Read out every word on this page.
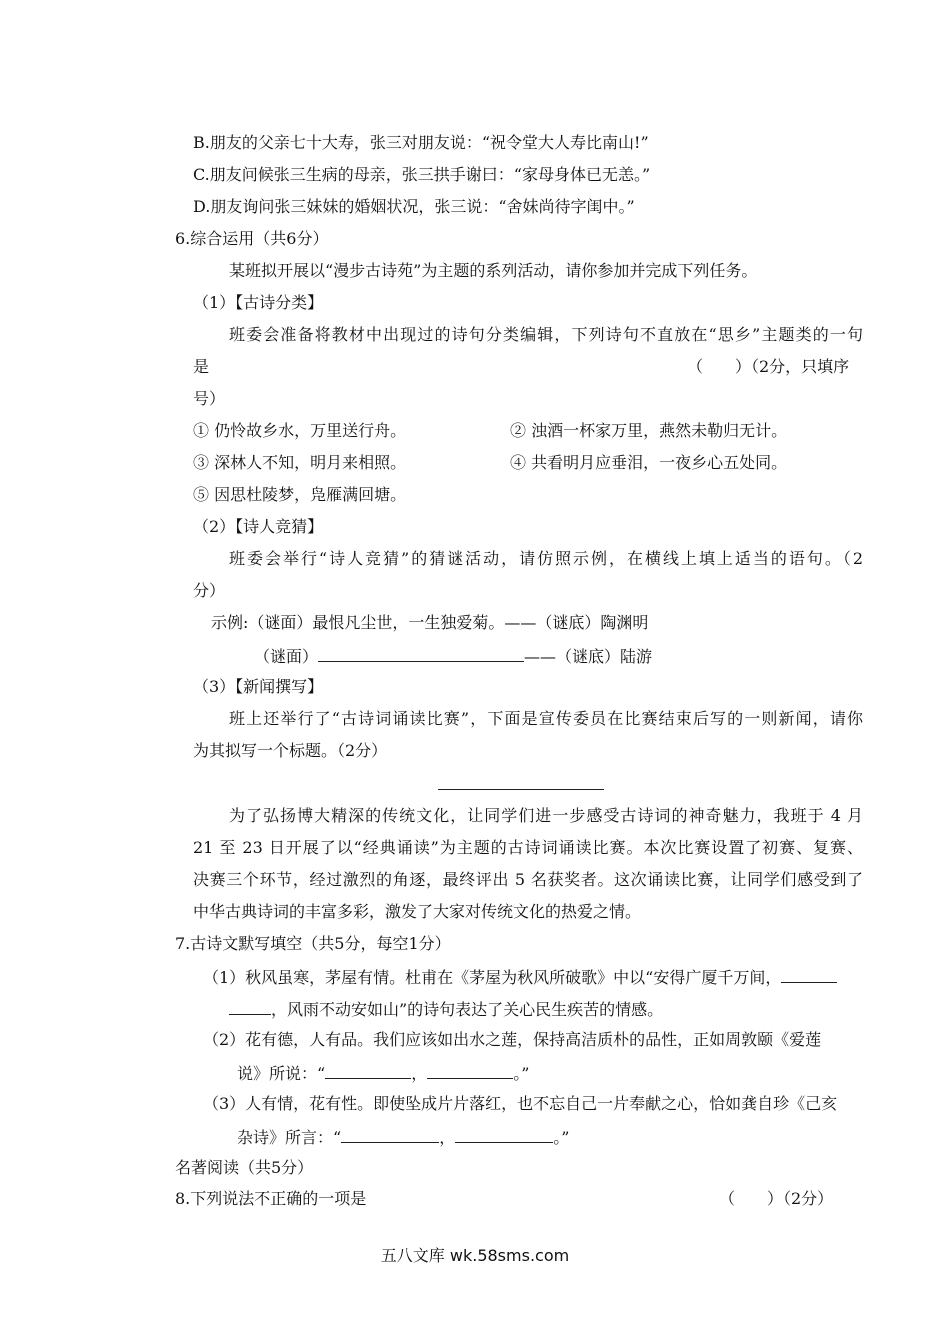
B.朋友的父亲七十大寿，张三对朋友说：“祝令堂大人寿比南山!”
C.朋友问候张三生病的母亲，张三拱手谢曰：“家母身体已无恙。”
D.朋友询问张三妹妹的婚姻状况，张三说：“舍妹尚待字闺中。”
6.综合运用（共6分）
某班拟开展以“漫步古诗苑”为主题的系列活动，请你参加并完成下列任务。
（1）【古诗分类】
班委会准备将教材中出现过的诗句分类编辑，下列诗句不直放在“思乡”主题类的一句
是	（　　）（2分，只填序
号）
① 仍怜故乡水，万里送行舟。	② 浊酒一杯家万里，燕然未勒归无计。
③ 深林人不知，明月来相照。	④ 共看明月应垂泪，一夜乡心五处同。
⑤ 因思杜陵梦，凫雁满回塘。
（2）【诗人竞猜】
班委会举行“诗人竞猜”的猜谜活动，请仿照示例，在横线上填上适当的语句。（2
分）
示例:（谜面）最恨凡尘世，一生独爱菊。——（谜底）陶渊明
（谜面）	——（谜底）陆游
（3）【新闻撰写】
班上还举行了“古诗词诵读比赛”，下面是宣传委员在比赛结束后写的一则新闻，请你
为其拟写一个标题。（2分）
为了弘扬博大精深的传统文化，让同学们进一步感受古诗词的神奇魅力，我班于 4 月
21 至 23 日开展了以“经典诵读”为主题的古诗词诵读比赛。本次比赛设置了初赛、复赛、
决赛三个环节，经过激烈的角逐，最终评出 5 名获奖者。这次诵读比赛，让同学们感受到了
中华古典诗词的丰富多彩，激发了大家对传统文化的热爱之情。
7.古诗文默写填空（共5分，每空1分）
（1）秋风虽寒，茅屋有情。杜甫在《茅屋为秋风所破歌》中以“安得广厦千万间，
，风雨不动安如山”的诗句表达了关心民生疾苦的情感。
（2）花有德，人有品。我们应该如出水之莲，保持高洁质朴的品性，正如周敦颐《爱莲
说》所说：“	，	。”
（3）人有情，花有性。即使坠成片片落红，也不忘自己一片奉献之心，恰如龚自珍《己亥
杂诗》所言：“	，	。”
名著阅读（共5分）
8.下列说法不正确的一项是	（　　）（2分）
五八文库 wk.58sms.com
